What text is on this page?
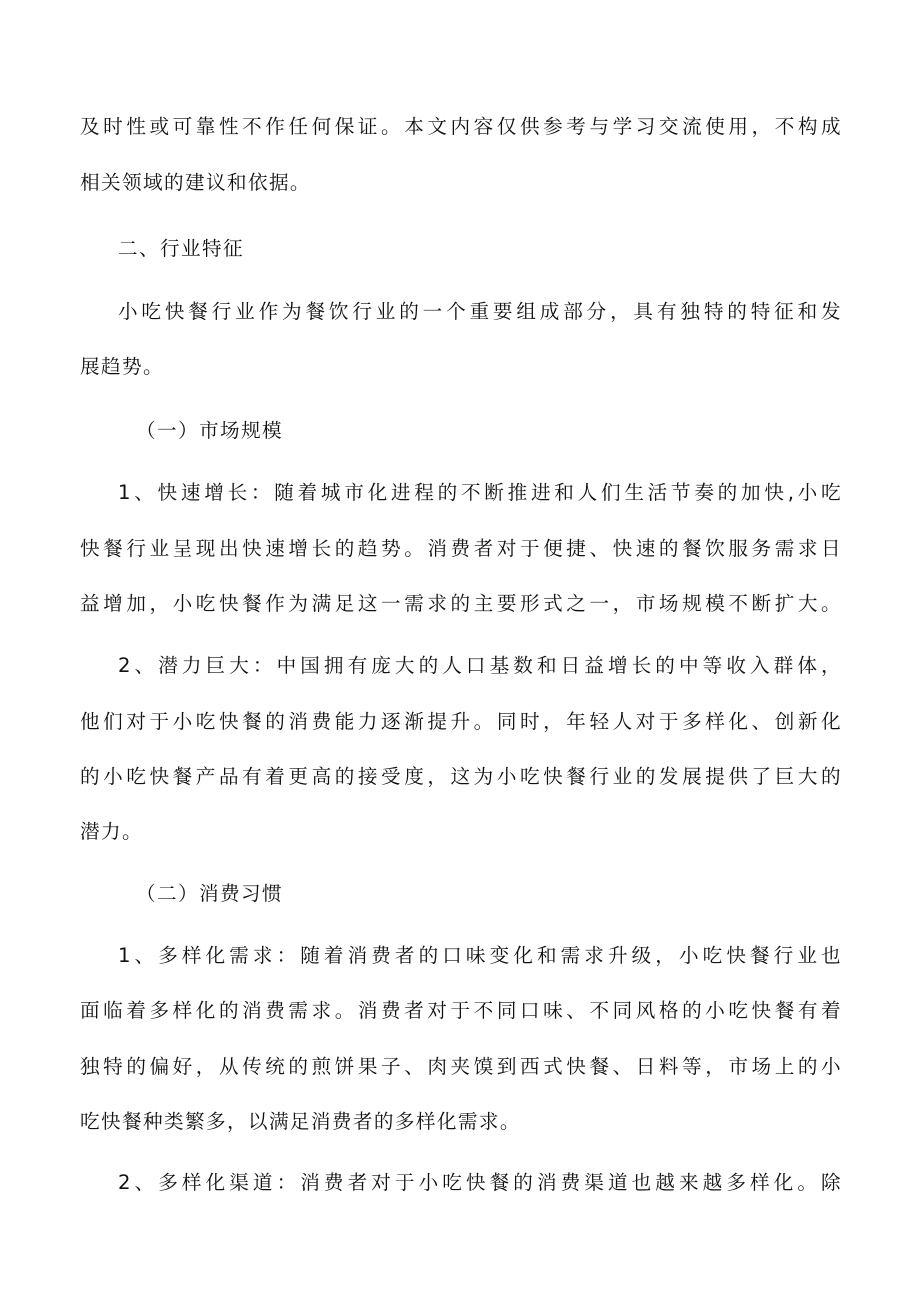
及时性或可靠性不作任何保证。本文内容仅供参考与学习交流使用，不构成
相关领域的建议和依据。
二、行业特征
小吃快餐行业作为餐饮行业的一个重要组成部分，具有独特的特征和发
展趋势。
（一）市场规模
1、快速增长：随着城市化进程的不断推进和人们生活节奏的加快,小吃
快餐行业呈现出快速增长的趋势。消费者对于便捷、快速的餐饮服务需求日
益增加，小吃快餐作为满足这一需求的主要形式之一，市场规模不断扩大。
2、潜力巨大：中国拥有庞大的人口基数和日益增长的中等收入群体，
他们对于小吃快餐的消费能力逐渐提升。同时，年轻人对于多样化、创新化
的小吃快餐产品有着更高的接受度，这为小吃快餐行业的发展提供了巨大的
潜力。
（二）消费习惯
1、多样化需求：随着消费者的口味变化和需求升级，小吃快餐行业也
面临着多样化的消费需求。消费者对于不同口味、不同风格的小吃快餐有着
独特的偏好，从传统的煎饼果子、肉夹馍到西式快餐、日料等，市场上的小
吃快餐种类繁多，以满足消费者的多样化需求。
2、多样化渠道：消费者对于小吃快餐的消费渠道也越来越多样化。除
